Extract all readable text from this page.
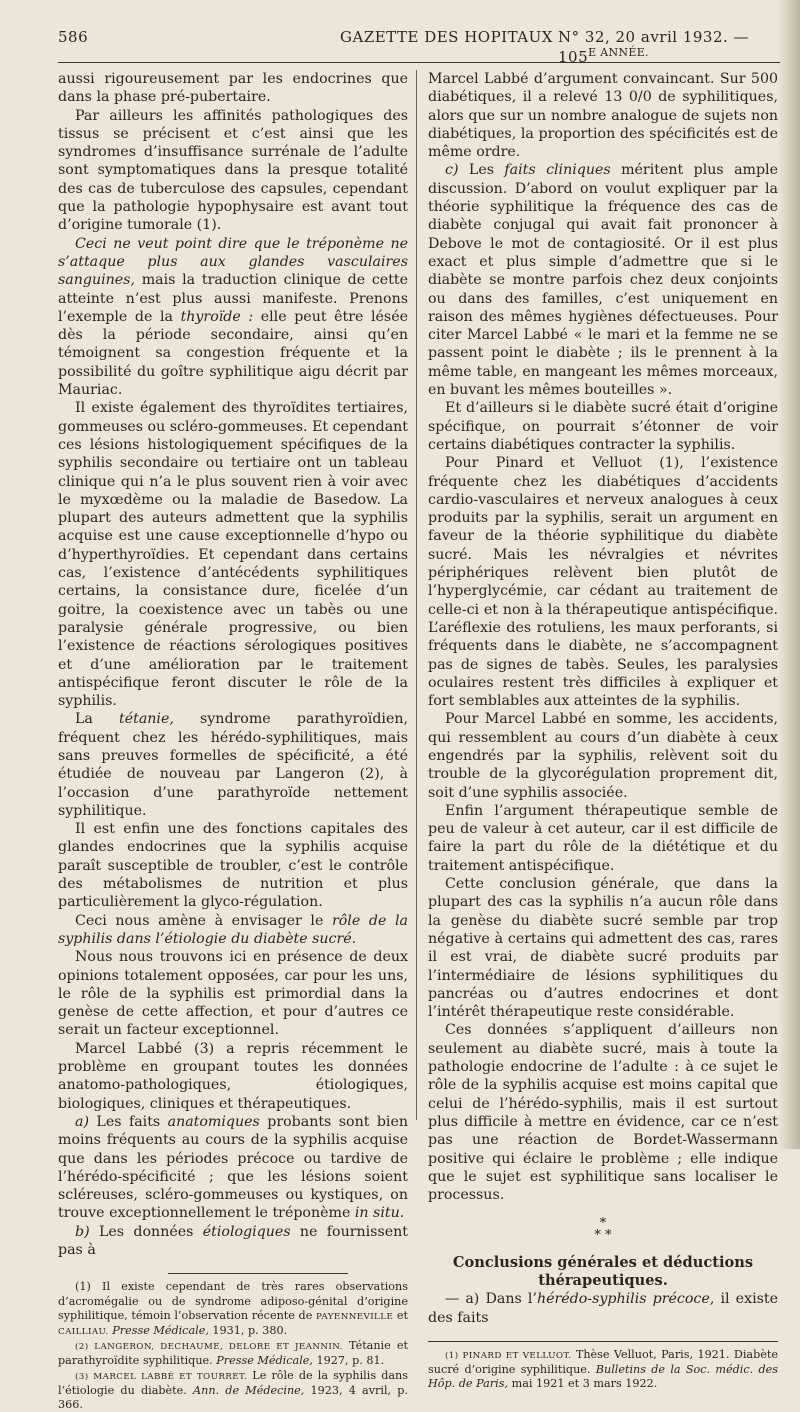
586	GAZETTE DES HOPITAUX N° 32, 20 avril 1932. — $105^{E ANNÉE.}$

aussi rigoureusement par les endocrines que dans la phase pré-pubertaire.

Par ailleurs les affinités pathologiques des tissus se précisent et c’est ainsi que les syndromes d’insuffisance surrénale de l’adulte sont symptomatiques dans la presque totalité des cas de tuberculose des capsules, cependant que la pathologie hypophysaire est avant tout d’origine tumorale (1).

Ceci ne veut point dire que le tréponème ne s’attaque plus aux glandes vasculaires sanguines, mais la traduction clinique de cette atteinte n’est plus aussi manifeste. Prenons l’exemple de la thyroïde : elle peut être lésée dès la période secondaire, ainsi qu’en témoignent sa congestion fréquente et la possibilité du goître syphilitique aigu décrit par Mauriac.

Il existe également des thyroïdites tertiaires, gommeuses ou scléro-gommeuses. Et cependant ces lésions histologiquement spécifiques de la syphilis secondaire ou tertiaire ont un tableau clinique qui n’a le plus souvent rien à voir avec le myxœdème ou la maladie de Basedow. La plupart des auteurs admettent que la syphilis acquise est une cause exceptionnelle d’hypo ou d’hyperthyroïdies. Et cependant dans certains cas, l’existence d’antécédents syphilitiques certains, la consistance dure, ficelée d’un goitre, la coexistence avec un tabès ou une paralysie générale progressive, ou bien l’existence de réactions sérologiques positives et d’une amélioration par le traitement antispécifique feront discuter le rôle de la syphilis.

La tétanie, syndrome parathyroïdien, fréquent chez les hérédo-syphilitiques, mais sans preuves formelles de spécificité, a été étudiée de nouveau par Langeron (2), à l’occasion d’une parathyroïde nettement syphilitique.

Il est enfin une des fonctions capitales des glandes endocrines que la syphilis acquise paraît susceptible de troubler, c’est le contrôle des métabolismes de nutrition et plus particulièrement la glyco-régulation.

Ceci nous amène à envisager le rôle de la syphilis dans l’étiologie du diabète sucré.

Nous nous trouvons ici en présence de deux opinions totalement opposées, car pour les uns, le rôle de la syphilis est primordial dans la genèse de cette affection, et pour d’autres ce serait un facteur exceptionnel.

Marcel Labbé (3) a repris récemment le problème en groupant toutes les données anatomo-pathologiques, étiologiques, biologiques, cliniques et thérapeutiques.

a) Les faits anatomiques probants sont bien moins fréquents au cours de la syphilis acquise que dans les périodes précoce ou tardive de l’hérédo-spécificité ; que les lésions soient scléreuses, scléro-gommeuses ou kystiques, on trouve exceptionnellement le tréponème in situ.

b) Les données étiologiques ne fournissent pas à

(1) Il existe cependant de très rares observations d’acromégalie ou de syndrome adiposo-génital d’origine syphilitique, témoin l’observation récente de PAYENNEVILLE et CAILLIAU. Presse Médicale, 1931, p. 380.

(2) LANGERON, DECHAUME, DELORE ET JEANNIN. Tétanie et parathyroïdite syphilitique. Presse Médicale, 1927, p. 81.

(3) MARCEL LABBÉ ET TOURRET. Le rôle de la syphilis dans l’étiologie du diabète. Ann. de Médecine, 1923, 4 avril, p. 366.

Marcel Labbé d’argument convaincant. Sur 500 diabétiques, il a relevé 13 0/0 de syphilitiques, alors que sur un nombre analogue de sujets non diabétiques, la proportion des spécificités est de même ordre.

c) Les faits cliniques méritent plus ample discussion. D’abord on voulut expliquer par la théorie syphilitique la fréquence des cas de diabète conjugal qui avait fait prononcer à Debove le mot de contagiosité. Or il est plus exact et plus simple d’admettre que si le diabète se montre parfois chez deux conjoints ou dans des familles, c’est uniquement en raison des mêmes hygiènes défectueuses. Pour citer Marcel Labbé « le mari et la femme ne se passent point le diabète ; ils le prennent à la même table, en mangeant les mêmes morceaux, en buvant les mêmes bouteilles ».

Et d’ailleurs si le diabète sucré était d’origine spécifique, on pourrait s’étonner de voir certains diabétiques contracter la syphilis.

Pour Pinard et Velluot (1), l’existence fréquente chez les diabétiques d’accidents cardio-vasculaires et nerveux analogues à ceux produits par la syphilis, serait un argument en faveur de la théorie syphilitique du diabète sucré. Mais les névralgies et névrites périphériques relèvent bien plutôt de l’hyperglycémie, car cédant au traitement de celle-ci et non à la thérapeutique antispécifique. L’aréflexie des rotuliens, les maux perforants, si fréquents dans le diabète, ne s’accompagnent pas de signes de tabès. Seules, les paralysies oculaires restent très difficiles à expliquer et fort semblables aux atteintes de la syphilis.

Pour Marcel Labbé en somme, les accidents, qui ressemblent au cours d’un diabète à ceux engendrés par la syphilis, relèvent soit du trouble de la glycorégulation proprement dit, soit d’une syphilis associée.

Enfin l’argument thérapeutique semble de peu de valeur à cet auteur, car il est difficile de faire la part du rôle de la diététique et du traitement antispécifique.

Cette conclusion générale, que dans la plupart des cas la syphilis n’a aucun rôle dans la genèse du diabète sucré semble par trop négative à certains qui admettent des cas, rares il est vrai, de diabète sucré produits par l’intermédiaire de lésions syphilitiques du pancréas ou d’autres endocrines et dont l’intérêt thérapeutique reste considérable.

Ces données s’appliquent d’ailleurs non seulement au diabète sucré, mais à toute la pathologie endocrine de l’adulte : à ce sujet le rôle de la syphilis acquise est moins capital que celui de l’hérédo-syphilis, mais il est surtout plus difficile à mettre en évidence, car ce n’est pas une réaction de Bordet-Wassermann positive qui éclaire le problème ; elle indique que le sujet est syphilitique sans localiser le processus.

*
* *
Conclusions générales et déductions thérapeutiques.

— a) Dans l’hérédo-syphilis précoce, il existe des faits

(1) PINARD ET VELLUOT. Thèse Velluot, Paris, 1921. Diabète sucré d’origine syphilitique. Bulletins de la Soc. médic. des Hôp. de Paris, mai 1921 et 3 mars 1922.
